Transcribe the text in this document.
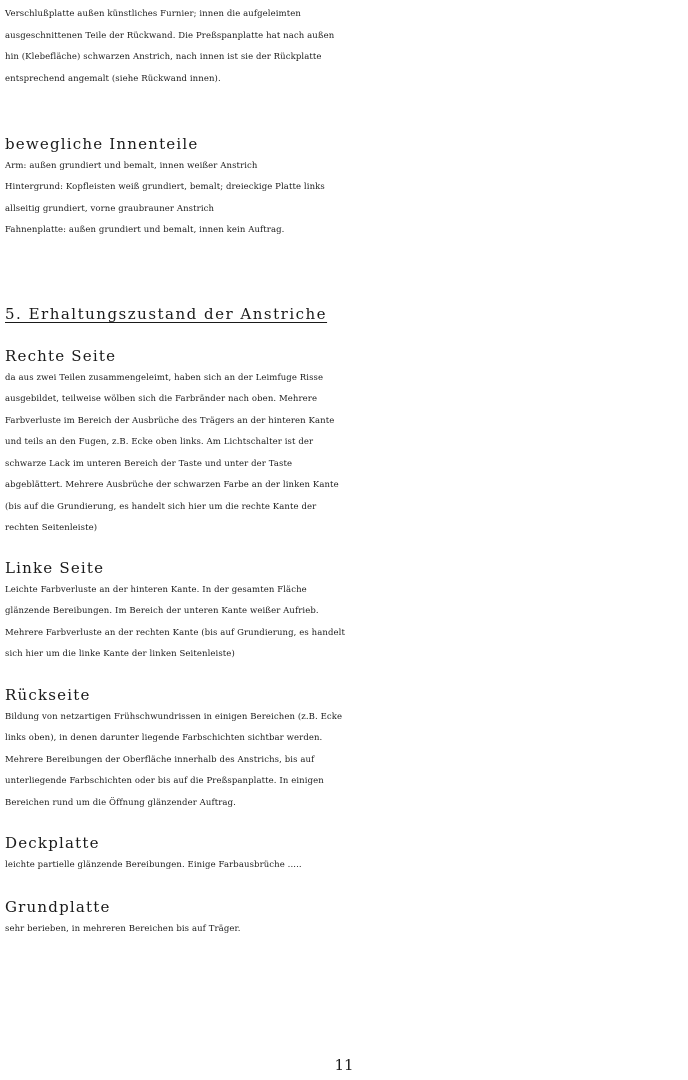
Verschlußplatte außen künstliches Furnier; innen die aufgeleimten
ausgeschnittenen Teile der Rückwand. Die Preßspanplatte hat nach außen
hin (Klebefläche) schwarzen Anstrich, nach innen ist sie der Rückplatte
entsprechend angemalt (siehe Rückwand innen).

bewegliche Innenteile

Arm: außen grundiert und bemalt, innen weißer Anstrich
Hintergrund: Kopfleisten weiß grundiert, bemalt; dreieckige Platte links
allseitig grundiert, vorne graubrauner Anstrich
Fahnenplatte: außen grundiert und bemalt, innen kein Auftrag.

5. Erhaltungszustand der Anstriche

Rechte Seite

da aus zwei Teilen zusammengeleimt, haben sich an der Leimfuge Risse
ausgebildet, teilweise wölben sich die Farbränder nach oben. Mehrere
Farbverluste im Bereich der Ausbrüche des Trägers an der hinteren Kante
und teils an den Fugen, z.B. Ecke oben links. Am Lichtschalter ist der
schwarze Lack im unteren Bereich der Taste und unter der Taste
abgeblättert. Mehrere Ausbrüche der schwarzen Farbe an der linken Kante
(bis auf die Grundierung, es handelt sich hier um die rechte Kante der
rechten Seitenleiste)

Linke Seite

Leichte Farbverluste an der hinteren Kante. In der gesamten Fläche
glänzende Bereibungen. Im Bereich der unteren Kante weißer Aufrieb.
Mehrere Farbverluste an der rechten Kante (bis auf Grundierung, es handelt
sich hier um die linke Kante der linken Seitenleiste)

Rückseite

Bildung von netzartigen Frühschwundrissen in einigen Bereichen (z.B. Ecke
links oben), in denen darunter liegende Farbschichten sichtbar werden.
Mehrere Bereibungen der Oberfläche innerhalb des Anstrichs, bis auf
unterliegende Farbschichten oder bis auf die Preßspanplatte. In einigen
Bereichen rund um die Öffnung glänzender Auftrag.

Deckplatte

leichte partielle glänzende Bereibungen. Einige Farbausbrüche .....

Grundplatte

sehr berieben, in mehreren Bereichen bis auf Träger.

11
